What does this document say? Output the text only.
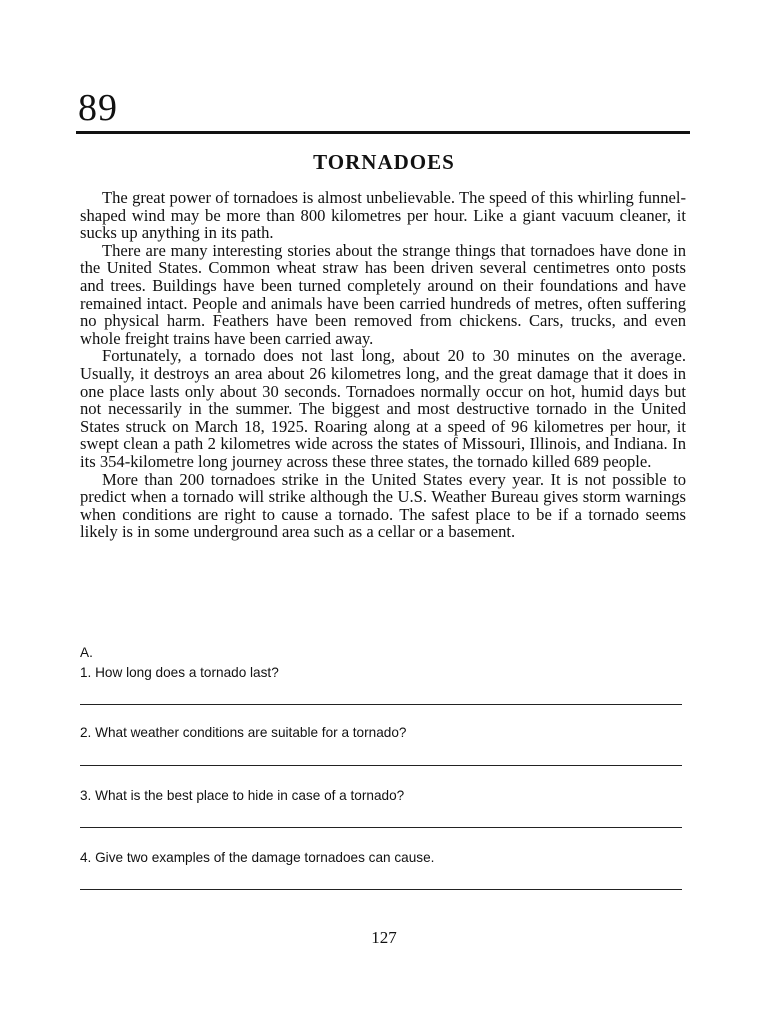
89
TORNADOES

The great power of tornadoes is almost unbelievable. The speed of this whirling funnel-shaped wind may be more than 800 kilometres per hour. Like a giant vacuum cleaner, it sucks up anything in its path.

There are many interesting stories about the strange things that tornadoes have done in the United States. Common wheat straw has been driven several centimetres onto posts and trees. Buildings have been turned completely around on their foundations and have remained intact. People and animals have been carried hundreds of metres, often suffering no physical harm. Feathers have been removed from chickens. Cars, trucks, and even whole freight trains have been carried away.

Fortunately, a tornado does not last long, about 20 to 30 minutes on the average. Usually, it destroys an area about 26 kilometres long, and the great damage that it does in one place lasts only about 30 seconds. Tornadoes normally occur on hot, humid days but not necessarily in the summer. The biggest and most destructive tornado in the United States struck on March 18, 1925. Roaring along at a speed of 96 kilometres per hour, it swept clean a path 2 kilometres wide across the states of Missouri, Illinois, and Indiana. In its 354-kilometre long journey across these three states, the tornado killed 689 people.

More than 200 tornadoes strike in the United States every year. It is not possible to predict when a tornado will strike although the U.S. Weather Bureau gives storm warnings when conditions are right to cause a tornado. The safest place to be if a tornado seems likely is in some underground area such as a cellar or a basement.

A.
1. How long does a tornado last?
2. What weather conditions are suitable for a tornado?
3. What is the best place to hide in case of a tornado?
4. Give two examples of the damage tornadoes can cause.
127
